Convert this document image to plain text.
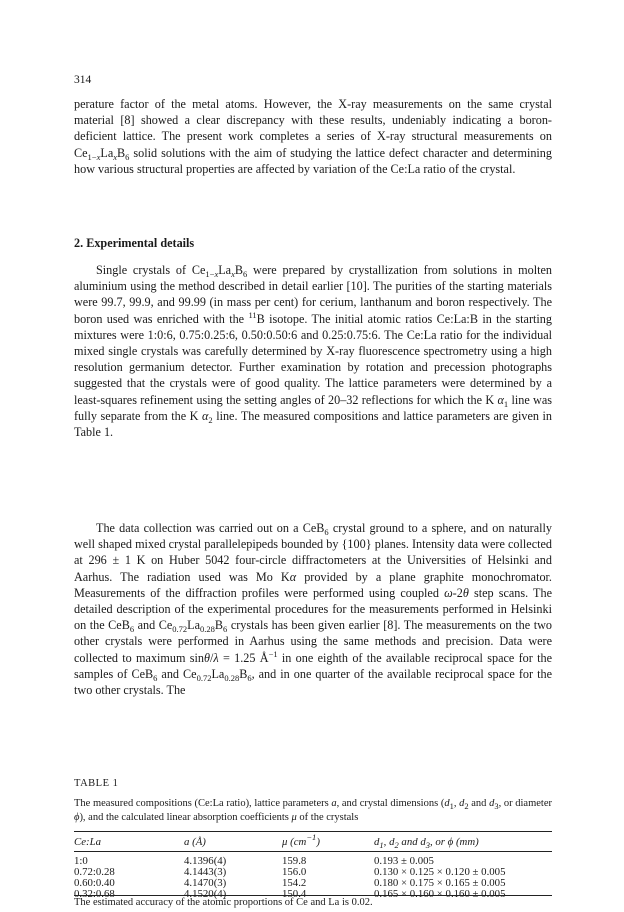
314

perature factor of the metal atoms. However, the X-ray measurements on the same crystal material [8] showed a clear discrepancy with these results, undeniably indicating a boron-deficient lattice. The present work completes a series of X-ray structural measurements on $Ce_{1-x}La_xB_6$ solid solutions with the aim of studying the lattice defect character and determining how various structural properties are affected by variation of the Ce:La ratio of the crystal.

2. Experimental details

Single crystals of $Ce_{1-x}La_xB_6$ were prepared by crystallization from solutions in molten aluminium using the method described in detail earlier [10]. The purities of the starting materials were 99.7, 99.9, and 99.99 (in mass per cent) for cerium, lanthanum and boron respectively. The boron used was enriched with the $^{11}$B isotope. The initial atomic ratios Ce:La:B in the starting mixtures were 1:0:6, 0.75:0.25:6, 0.50:0.50:6 and 0.25:0.75:6. The Ce:La ratio for the individual mixed single crystals was carefully determined by X-ray fluorescence spectrometry using a high resolution germanium detector. Further examination by rotation and precession photographs suggested that the crystals were of good quality. The lattice parameters were determined by a least-squares refinement using the setting angles of 20–32 reflections for which the K $\alpha_1$ line was fully separate from the K $\alpha_2$ line. The measured compositions and lattice parameters are given in Table 1.

The data collection was carried out on a CeB$_6$ crystal ground to a sphere, and on naturally well shaped mixed crystal parallelepipeds bounded by {100} planes. Intensity data were collected at 296 ± 1 K on Huber 5042 four-circle diffractometers at the Universities of Helsinki and Aarhus. The radiation used was Mo Kα provided by a plane graphite monochromator. Measurements of the diffraction profiles were performed using coupled ω-2θ step scans. The detailed description of the experimental procedures for the measurements performed in Helsinki on the CeB$_6$ and $Ce_{0.72}La_{0.28}B_6$ crystals has been given earlier [8]. The measurements on the two other crystals were performed in Aarhus using the same methods and precision. Data were collected to maximum sinθ/λ = 1.25 $Å^{-1}$ in one eighth of the available reciprocal space for the samples of CeB$_6$ and $Ce_{0.72}La_{0.28}B_6$, and in one quarter of the available reciprocal space for the two other crystals. The

TABLE 1

The measured compositions (Ce:La ratio), lattice parameters a, and crystal dimensions ($d_1$, $d_2$ and $d_3$, or diameter ϕ), and the calculated linear absorption coefficients μ of the crystals

Ce:La	a (Å)	μ $(cm^{-1})$	$d_1$, $d_2$ and $d_3$, or ϕ (mm)
1:0	4.1396(4)	159.8	0.193 ± 0.005
0.72:0.28	4.1443(3)	156.0	0.130 × 0.125 × 0.120 ± 0.005
0.60:0.40	4.1470(3)	154.2	0.180 × 0.175 × 0.165 ± 0.005
0.32:0.68	4.1520(4)	150.4	0.165 × 0.160 × 0.160 ± 0.005
The estimated accuracy of the atomic proportions of Ce and La is 0.02.
